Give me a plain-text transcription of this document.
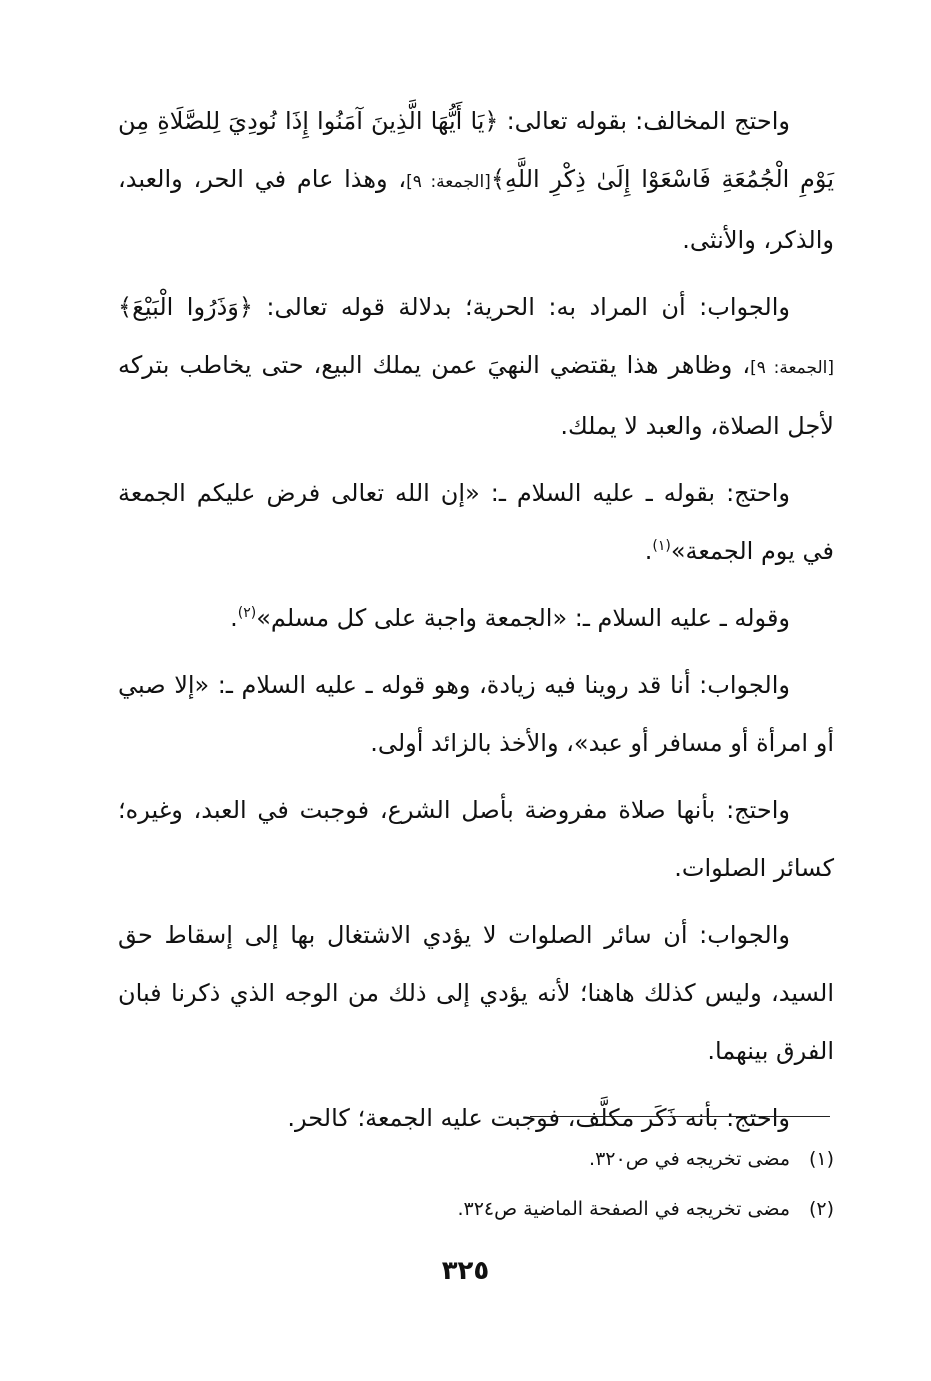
واحتج المخالف: بقوله تعالى: ﴿يَا أَيُّهَا الَّذِينَ آمَنُوا إِذَا نُودِيَ لِلصَّلَاةِ مِن يَوْمِ الْجُمُعَةِ فَاسْعَوْا إِلَىٰ ذِكْرِ اللَّهِ﴾[الجمعة: ٩]، وهذا عام في الحر، والعبد، والذكر، والأنثى.

والجواب: أن المراد به: الحرية؛ بدلالة قوله تعالى: ﴿وَذَرُوا الْبَيْعَ﴾[الجمعة: ٩]، وظاهر هذا يقتضي النهيَ عمن يملك البيع، حتى يخاطب بتركه لأجل الصلاة، والعبد لا يملك.

واحتج: بقوله ـ عليه السلام ـ: «إن الله تعالى فرض عليكم الجمعة في يوم الجمعة»$^{(١)}$.

وقوله ـ عليه السلام ـ: «الجمعة واجبة على كل مسلم»$^{(٢)}$.

والجواب: أنا قد روينا فيه زيادة، وهو قوله ـ عليه السلام ـ: «إلا صبي أو امرأة أو مسافر أو عبد»، والأخذ بالزائد أولى.

واحتج: بأنها صلاة مفروضة بأصل الشرع، فوجبت في العبد، وغيره؛ كسائر الصلوات.

والجواب: أن سائر الصلوات لا يؤدي الاشتغال بها إلى إسقاط حق السيد، وليس كذلك هاهنا؛ لأنه يؤدي إلى ذلك من الوجه الذي ذكرنا فبان الفرق بينهما.

واحتج: بأنه ذَكَر مكلَّف، فوجبت عليه الجمعة؛ كالحر.

(١)مضى تخريجه في ص٣٢٠.

(٢)مضى تخريجه في الصفحة الماضية ص٣٢٤.

٣٢٥
